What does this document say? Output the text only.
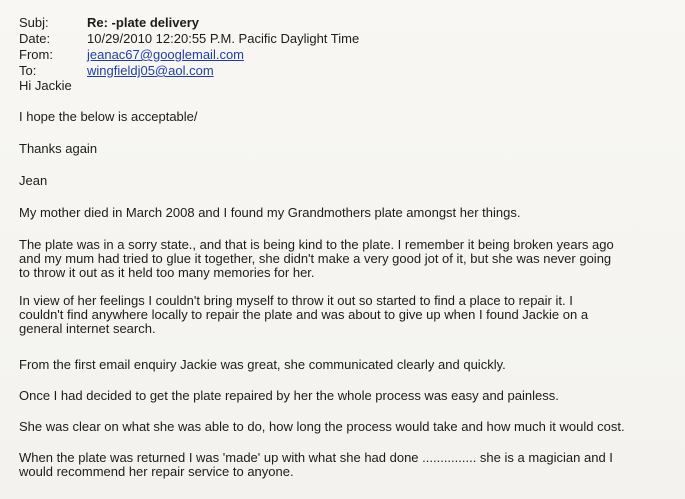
Subj:	Re: -plate delivery
Date:	10/29/2010 12:20:55 P.M. Pacific Daylight Time
From:	jeanac67@googlemail.com
To:	wingfieldj05@aol.com
Hi Jackie
I hope the below is acceptable/
Thanks again
Jean
My mother died in March 2008 and I found my Grandmothers plate amongst her things.
The plate was in a sorry state., and that is being kind to the plate. I remember it being broken years ago
and my mum had tried to glue it together, she didn't make a very good jot of it, but she was never going
to throw it out as it held too many memories for her.
In view of her feelings I couldn't bring myself to throw it out so started to find a place to repair it. I
couldn't find anywhere locally to repair the plate and was about to give up when I found Jackie on a
general internet search.
From the first email enquiry Jackie was great, she communicated clearly and quickly.
Once I had decided to get the plate repaired by her the whole process was easy and painless.
She was clear on what she was able to do, how long the process would take and how much it would cost.
When the plate was returned I was 'made' up with what she had done ............... she is a magician and I
would recommend her repair service to anyone.
